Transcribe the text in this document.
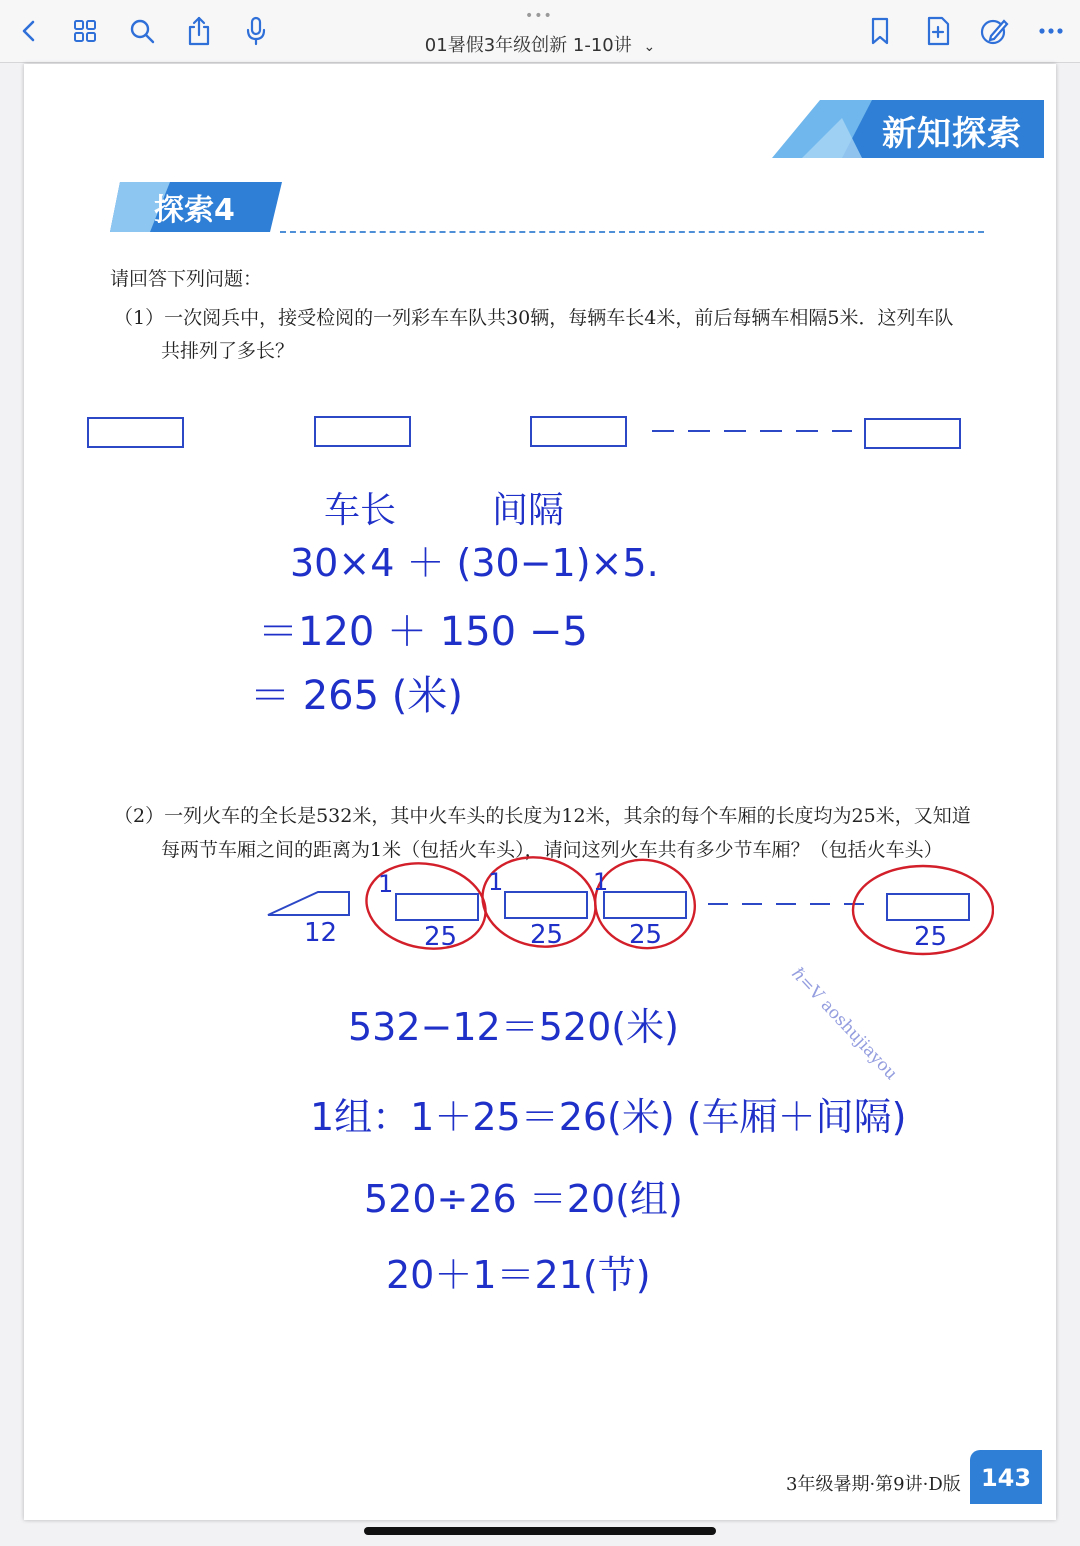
•••
01暑假3年级创新 1-10讲 ⌄
新知探索
探索4
请回答下列问题：
（1）一次阅兵中，接受检阅的一列彩车车队共30辆，每辆车长4米，前后每辆车相隔5米．这列车队
共排列了多长？
车长	间隔
30×4 ＋ (30−1)×5.
＝120 ＋ 150 −5
＝ 265 (米)
（2）一列火车的全长是532米，其中火车头的长度为12米，其余的每个车厢的长度均为25米，又知道
每两节车厢之间的距离为1米（包括火车头），请问这列火车共有多少节车厢？（包括火车头）
1	1	1
12	25	25	25	25
ℏ=V aoshujiayou
532−12＝520(米)
1组：1＋25＝26(米) (车厢＋间隔)
520÷26 ＝20(组)
20＋1＝21(节)
3年级暑期·第9讲·D版 143
